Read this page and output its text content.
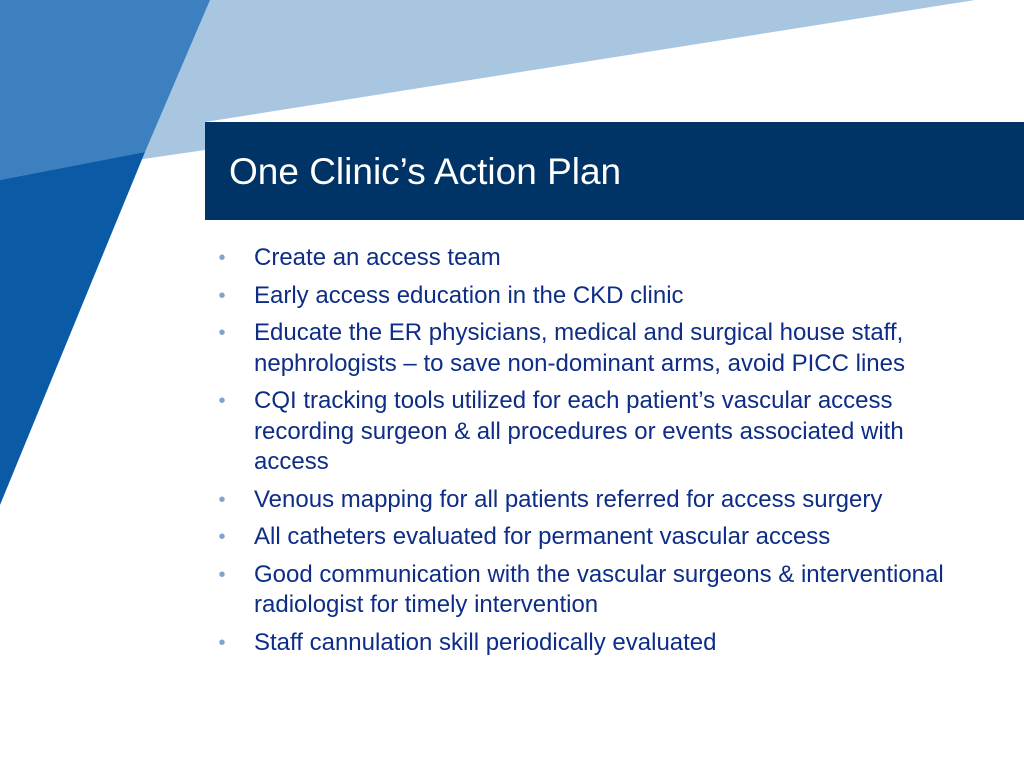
One Clinic’s Action Plan
• Create an access team
• Early access education in the CKD clinic
• Educate the ER physicians, medical and surgical house staff, nephrologists – to save non-dominant arms, avoid PICC lines
• CQI tracking tools utilized for each patient’s vascular access recording surgeon & all procedures or events associated with access
• Venous mapping for all patients referred for access surgery
• All catheters evaluated for permanent vascular access
• Good communication with the vascular surgeons & interventional radiologist for timely intervention
• Staff cannulation skill periodically evaluated
